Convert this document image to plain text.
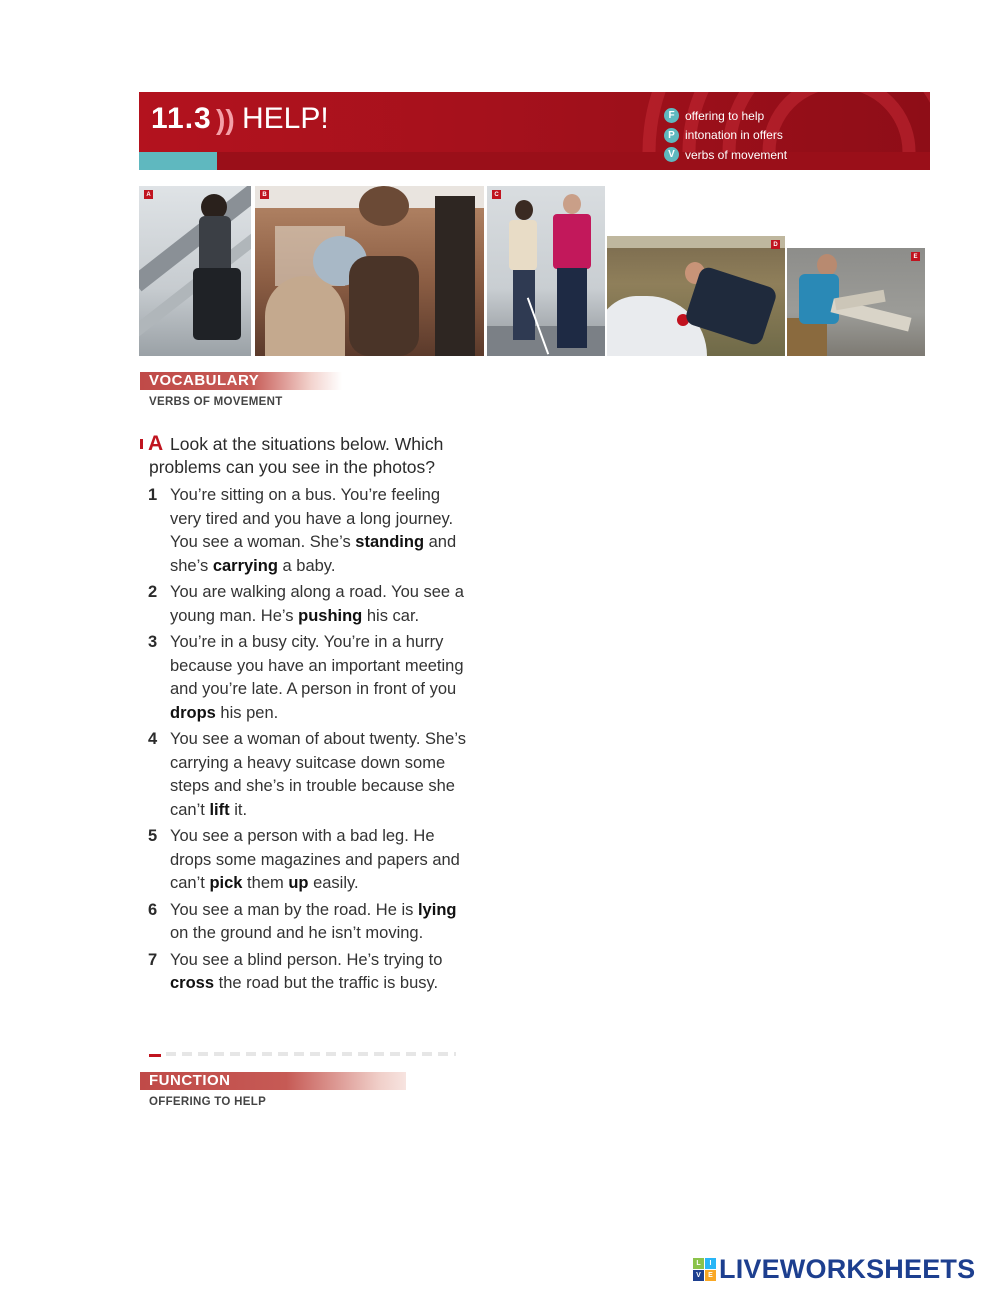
11.3 )) HELP!	F offering to help
P intonation in offers
V verbs of movement
A	B	C
D
E
VOCABULARY
VERBS OF MOVEMENT
A Look at the situations below. Which problems can you see in the photos?
1 You’re sitting on a bus. You’re feeling very tired and you have a long journey. You see a woman. She’s standing and she’s carrying a baby.
2 You are walking along a road. You see a young man. He’s pushing his car.
3 You’re in a busy city. You’re in a hurry because you have an important meeting and you’re late. A person in front of you drops his pen.
4 You see a woman of about twenty. She’s carrying a heavy suitcase down some steps and she’s in trouble because she can’t lift it.
5 You see a person with a bad leg. He drops some magazines and papers and can’t pick them up easily.
6 You see a man by the road. He is lying on the ground and he isn’t moving.
7 You see a blind person. He’s trying to cross the road but the traffic is busy.
FUNCTION
OFFERING TO HELP
L	I
V	E LIVEWORKSHEETS
